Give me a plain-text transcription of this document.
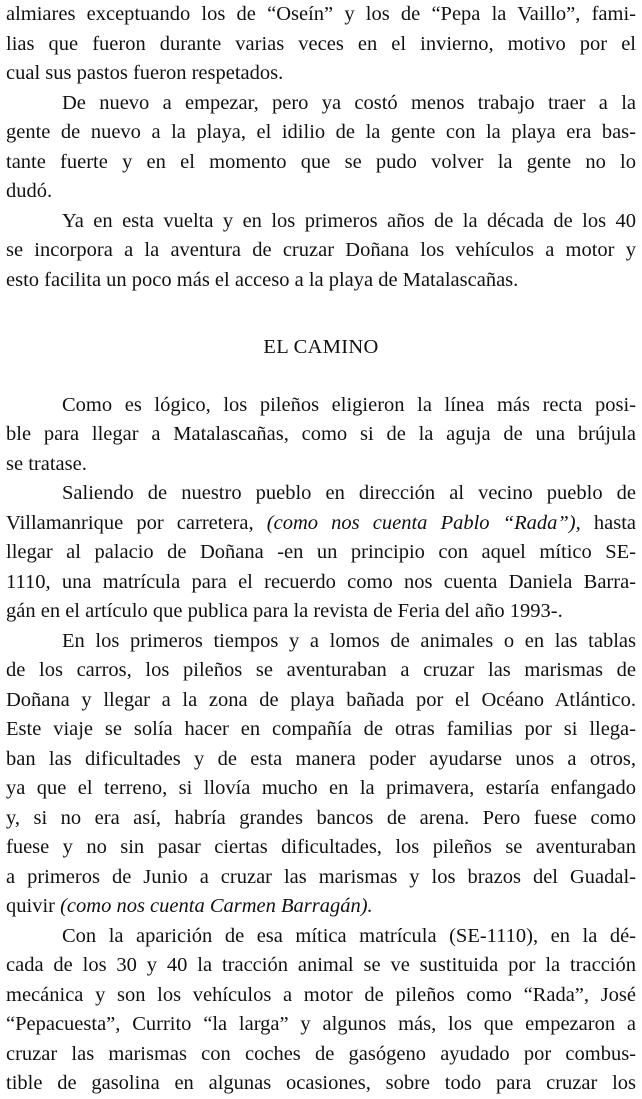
almiares exceptuando los de “Oseín” y los de “Pepa la Vaillo”, fami-
lias que fueron durante varias veces en el invierno, motivo por el
cual sus pastos fueron respetados.
De nuevo a empezar, pero ya costó menos trabajo traer a la
gente de nuevo a la playa, el idilio de la gente con la playa era bas-
tante fuerte y en el momento que se pudo volver la gente no lo
dudó.
Ya en esta vuelta y en los primeros años de la década de los 40
se incorpora a la aventura de cruzar Doñana los vehículos a motor y
esto facilita un poco más el acceso a la playa de Matalascañas.
EL CAMINO
Como es lógico, los pileños eligieron la línea más recta posi-
ble para llegar a Matalascañas, como si de la aguja de una brújula
se tratase.
Saliendo de nuestro pueblo en dirección al vecino pueblo de
Villamanrique por carretera, (como nos cuenta Pablo “Rada”), hasta
llegar al palacio de Doñana -en un principio con aquel mítico SE-
1110, una matrícula para el recuerdo como nos cuenta Daniela Barra-
gán en el artículo que publica para la revista de Feria del año 1993-.
En los primeros tiempos y a lomos de animales o en las tablas
de los carros, los pileños se aventuraban a cruzar las marismas de
Doñana y llegar a la zona de playa bañada por el Océano Atlántico.
Este viaje se solía hacer en compañía de otras familias por si llega-
ban las dificultades y de esta manera poder ayudarse unos a otros,
ya que el terreno, si llovía mucho en la primavera, estaría enfangado
y, si no era así, habría grandes bancos de arena. Pero fuese como
fuese y no sin pasar ciertas dificultades, los pileños se aventuraban
a primeros de Junio a cruzar las marismas y los brazos del Guadal-
quivir (como nos cuenta Carmen Barragán).
Con la aparición de esa mítica matrícula (SE-1110), en la dé-
cada de los 30 y 40 la tracción animal se ve sustituida por la tracción
mecánica y son los vehículos a motor de pileños como “Rada”, José
“Pepacuesta”, Currito “la larga” y algunos más, los que empezaron a
cruzar las marismas con coches de gasógeno ayudado por combus-
tible de gasolina en algunas ocasiones, sobre todo para cruzar los
